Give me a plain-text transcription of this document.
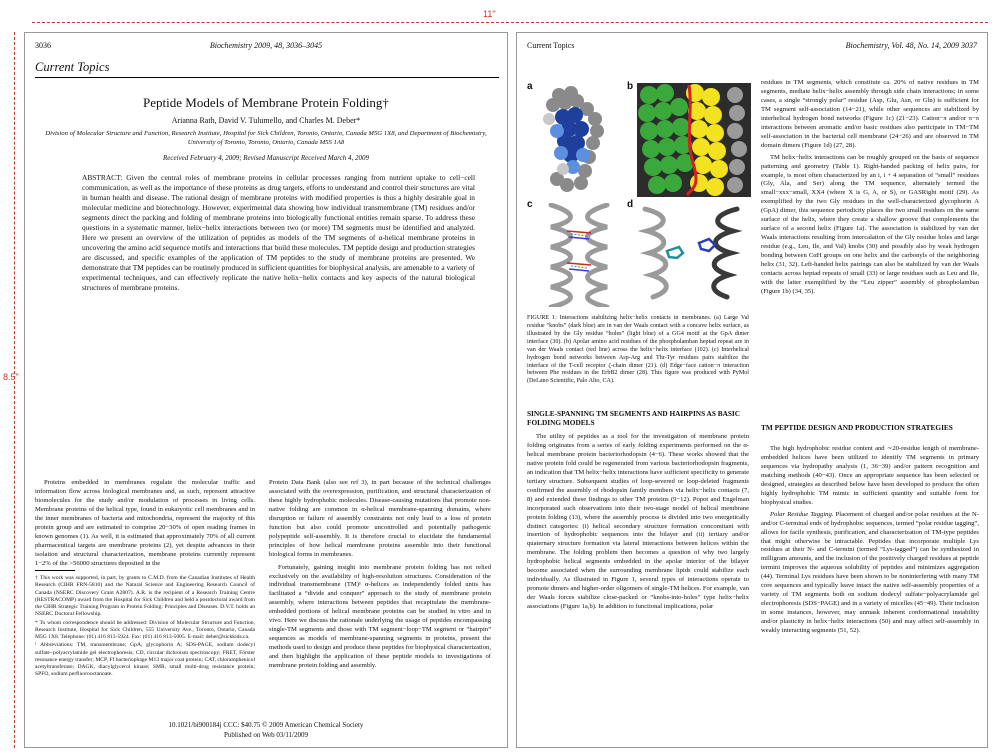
11"
8.5"
3036	Biochemistry 2009, 48, 3036–3045
Current Topics
Peptide Models of Membrane Protein Folding†
Arianna Rath, David V. Tulumello, and Charles M. Deber*
Division of Molecular Structure and Function, Research Institute, Hospital for Sick Children, Toronto, Ontario, Canada M5G 1X8, and Department of Biochemistry, University of Toronto, Toronto, Ontario, Canada M5S 1A8
Received February 4, 2009; Revised Manuscript Received March 4, 2009
ABSTRACT: Given the central roles of membrane proteins in cellular processes ranging from nutrient uptake to cell−cell communication, as well as the importance of these proteins as drug targets, efforts to understand and control their structures are vital in human health and disease. The rational design of membrane proteins with modified properties is thus a highly desirable goal in molecular medicine and biotechnology. However, experimental data showing how individual transmembrane (TM) residues and/or segments direct the packing and folding of membrane proteins into biologically functional entities remain sparse. To address these questions in a systematic manner, helix−helix interactions between two (or more) TM segments must be identified and analyzed. Here we present an overview of the utilization of peptides as models of the TM segments of α-helical membrane proteins in uncovering the amino acid sequence motifs and interactions that build these molecules. TM peptide design and production strategies are discussed, and specific examples of the application of TM peptides to the study of membrane proteins are presented. We demonstrate that TM peptides can be routinely produced in sufficient quantities for biophysical analysis, are amenable to a variety of experimental techniques, and can effectively replicate the native helix−helix contacts and key aspects of the natural biological structures of membrane proteins.

Proteins embedded in membranes regulate the molecular traffic and information flow across biological membranes and, as such, represent attractive biomolecules for the study and/or modulation of processes in living cells. Membrane proteins of the helical type, found in eukaryotic cell membranes and in the inner membranes of bacteria and mitochondria, represent the majority of this protein group and are estimated to comprise 20−30% of open reading frames in known genomes (1). As well, it is estimated that approximately 70% of all current pharmaceutical targets are membrane proteins (2), yet despite advances in their isolation and structural characterization, membrane proteins currently represent 1−2% of the >56000 structures deposited in the

† This work was supported, in part, by grants to C.M.D. from the Canadian Institutes of Health Research (CIHR FRN-5810) and the Natural Science and Engineering Research Council of Canada (NSERC Discovery Grant A2807). A.R. is the recipient of a Research Training Centre (RESTRACOMP) award from the Hospital for Sick Children and held a postdoctoral award from the CIHR Strategic Training Program in Protein Folding: Principles and Diseases. D.V.T. holds an NSERC Doctoral Fellowship.

* To whom correspondence should be addressed: Division of Molecular Structure and Function, Research Institute, Hospital for Sick Children, 555 University Ave., Toronto, Ontario, Canada M5G 1X8. Telephone: (01) 416 813-5924. Fax: (01) 416 813-5005. E-mail: deber@sickkids.ca.

¹ Abbreviations: TM, transmembrane; GpA, glycophorin A; SDS-PAGE, sodium dodecyl sulfate−polyacrylamide gel electrophoresis; CD, circular dichroism spectroscopy; FRET, Förster resonance energy transfer; MCP, Ff bacteriophage M13 major coat protein; CAT, chloramphenicol acetyltransferase; DAGK, diacylglycerol kinase; SMR, small multi-drug resistance protein; SPFO, sodium perfluorooctanoate.

Protein Data Bank (also see ref 3), in part because of the technical challenges associated with the overexpression, purification, and structural characterization of these highly hydrophobic molecules. Disease-causing mutations that promote non-native folding are common in α-helical membrane-spanning domains, where disruption or failure of assembly constraints not only lead to a loss of protein function but also could promote uncontrolled and potentially pathogenic polypeptide self-assembly. It is therefore crucial to elucidate the fundamental principles of how helical membrane proteins assemble into their functional biological forms in membranes.

Fortunately, gaining insight into membrane protein folding has not relied exclusively on the availability of high-resolution structures. Consideration of the individual transmembrane (TM)¹ α-helices as independently folded units has facilitated a “divide and conquer” approach to the study of membrane protein assembly, where interactions between peptides that recapitulate the membrane-embedded portions of helical membrane proteins can be studied in vitro and in vivo. Here we discuss the rationale underlying the usage of peptides encompassing single-TM segments and those with TM segment−loop−TM segment or “hairpin” sequences as models of membrane-spanning segments in proteins, present the methods used to design and produce these peptides for biophysical characterization, and then highlight the application of these peptide models to investigations of membrane protein folding and assembly.

10.1021/bi900184j CCC: $40.75 © 2009 American Chemical Society
Published on Web 03/11/2009
Current Topics	Biochemistry, Vol. 48, No. 14, 2009 3037
a	b
c	d
FIGURE 1: Interactions stabilizing helix−helix contacts in membranes. (a) Large Val residue “knobs” (dark blue) are in van der Waals contact with a concave helix surface, as illustrated by the Gly residue “holes” (light blue) of a GG4 motif at the GpA dimer interface (30). (b) Apolar amino acid residues of the phospholamban heptad repeat are in van der Waals contact (red line) across the helix−helix interface (102). (c) Interhelical hydrogen bond networks between Asp-Arg and Thr-Tyr residues pairs stabilize the interface of the T-cell receptor ζ-chain dimer (21). (d) Edge−face cation−π interaction between Phe residues in the ErbB2 dimer (28). This figure was produced with PyMol (DeLano Scientific, Palo Alto, CA).
SINGLE-SPANNING TM SEGMENTS AND HAIRPINS AS BASIC FOLDING MODELS

The utility of peptides as a tool for the investigation of membrane protein folding originates from a series of early folding experiments performed on the α-helical membrane protein bacteriorhodopsin (4−6). These works showed that the native protein fold could be regenerated from various bacteriorhodopsin fragments, an indication that TM helix−helix interactions have sufficient specificity to generate tertiary structure. Subsequent studies of loop-severed or loop-deleted fragments confirmed the assembly of rhodopsin family members via helix−helix contacts (7, 8) and extended these findings to other TM proteins (9−12). Popot and Engelman incorporated such observations into their two-stage model of helical membrane protein folding (13), where the assembly process is divided into two energetically distinct categories: (i) helical secondary structure formation concomitant with insertion of hydrophobic sequences into the bilayer and (ii) tertiary and/or quaternary structure formation via lateral interactions between helices within the membrane. The folding problem then becomes a question of why two largely hydrophobic helical segments embedded in the apolar interior of the bilayer become associated when the surrounding membrane lipids could stabilize each individually. As illustrated in Figure 1, several types of interactions operate to promote dimers and higher-order oligomers of single-TM helices. For example, van der Waals forces stabilize close-packed or “knobs-into-holes” type helix−helix associations (Figure 1a,b). In addition to functional implications, polar

residues in TM segments, which constitute ca. 20% of native residues in TM segments, mediate helix−helix assembly through side chain interactions; in some cases, a single “strongly polar” residue (Asp, Glu, Asn, or Gln) is sufficient for TM segment self-association (14−21), while other sequences are stabilized by interhelical hydrogen bond networks (Figure 1c) (21−23). Cation−π and/or π−π interactions between aromatic and/or basic residues also participate in TM−TM self-association in the bacterial cell membrane (24−26) and are observed in TM domain dimers (Figure 1d) (27, 28).

TM helix−helix interactions can be roughly grouped on the basis of sequence patterning and geometry (Table 1). Right-handed packing of helix pairs, for example, is most often characterized by an i, i + 4 separation of “small” residues (Gly, Ala, and Ser) along the TM sequence, alternately termed the small−xxx−small, XX4 (where X is G, A, or S), or GASRight motif (29). As exemplified by the two Gly residues in the well-characterized glycophorin A (GpA) dimer, this sequence periodicity places the two small residues on the same surface of the helix, where they create a shallow groove that complements the surface of a second helix (Figure 1a). The association is stabilized by van der Waals interactions resulting from intercalation of the Gly residue holes and large residue (e.g., Leu, Ile, and Val) knobs (30) and possibly also by weak hydrogen bonding between CαH groups on one helix and the carbonyls of the neighboring helix (31, 32). Left-handed helix pairings can also be stabilized by van der Waals contacts across heptad repeats of small (33) or large residues such as Leu and Ile, with the latter exemplified by the “Leu zipper” assembly of phospholamban (Figure 1b) (34, 35).

TM PEPTIDE DESIGN AND PRODUCTION STRATEGIES

The high hydrophobic residue content and ∼20-residue length of membrane-embedded helices have been utilized to identify TM segments in primary sequences via hydropathy analysis (1, 36−39) and/or pattern recognition and matching methods (40−43). Once an appropriate sequence has been selected or designed, strategies as described below have been developed to produce the often highly hydrophobic TM mimic in sufficient quantity and suitable form for biophysical studies.

Polar Residue Tagging. Placement of charged and/or polar residues at the N- and/or C-terminal ends of hydrophobic sequences, termed “polar residue tagging”, allows for facile synthesis, purification, and characterization of TM-type peptides that might otherwise be intractable. Peptides that incorporate multiple Lys residues at their N- and C-termini (termed “Lys-tagged”) can be synthesized in milligram amounts, and the inclusion of the positively charged residues at peptide termini improves the aqueous solubility of peptides and minimizes aggregation (44). Terminal Lys residues have been shown to be noninterfering with many TM core sequences and typically leave intact the native self-assembly properties of a variety of TM segments both on sodium dodecyl sulfate−polyacrylamide gel electrophoresis (SDS−PAGE) and in a variety of micelles (45−49). Their inclusion in some instances, however, may unmask inherent conformational instability and/or plasticity in helix−helix interactions (50) and may affect self-assembly in weakly interacting segments (51, 52).
